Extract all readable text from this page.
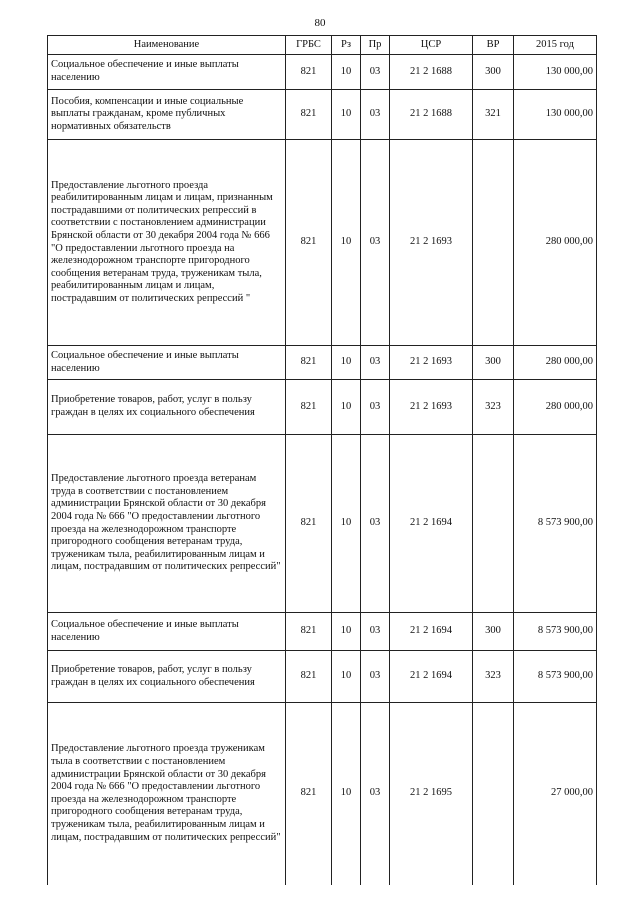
80
Наименование	ГРБС	Рз	Пр	ЦСР	ВР	2015 год
Социальное обеспечение и иные выплаты населению	821	10	03	21 2 1688	300	130 000,00
Пособия, компенсации и иные социальные выплаты гражданам, кроме публичных нормативных обязательств	821	10	03	21 2 1688	321	130 000,00
Предоставление льготного проезда реабилитированным лицам и лицам, признанным пострадавшими от политических репрессий в соответствии с постановлением администрации Брянской области от 30 декабря 2004 года № 666 "О предоставлении льготного проезда на железнодорожном транспорте пригородного сообщения ветеранам труда, труженикам тыла, реабилитированным лицам и лицам, пострадавшим от политических репрессий "	821	10	03	21 2 1693		280 000,00
Социальное обеспечение и иные выплаты населению	821	10	03	21 2 1693	300	280 000,00
Приобретение товаров, работ, услуг в пользу граждан в целях их социального обеспечения	821	10	03	21 2 1693	323	280 000,00
Предоставление льготного проезда ветеранам труда в соответствии с постановлением администрации Брянской области от 30 декабря 2004 года № 666 "О предоставлении льготного проезда на железнодорожном транспорте пригородного сообщения ветеранам труда, труженикам тыла, реабилитированным лицам и лицам, пострадавшим от политических репрессий"	821	10	03	21 2 1694		8 573 900,00
Социальное обеспечение и иные выплаты населению	821	10	03	21 2 1694	300	8 573 900,00
Приобретение товаров, работ, услуг в пользу граждан в целях их социального обеспечения	821	10	03	21 2 1694	323	8 573 900,00
Предоставление льготного проезда труженикам тыла в соответствии с постановлением администрации Брянской области от 30 декабря 2004 года № 666 "О предоставлении льготного проезда на железнодорожном транспорте пригородного сообщения ветеранам труда, труженикам тыла, реабилитированным лицам и лицам, пострадавшим от политических репрессий"	821	10	03	21 2 1695		27 000,00
